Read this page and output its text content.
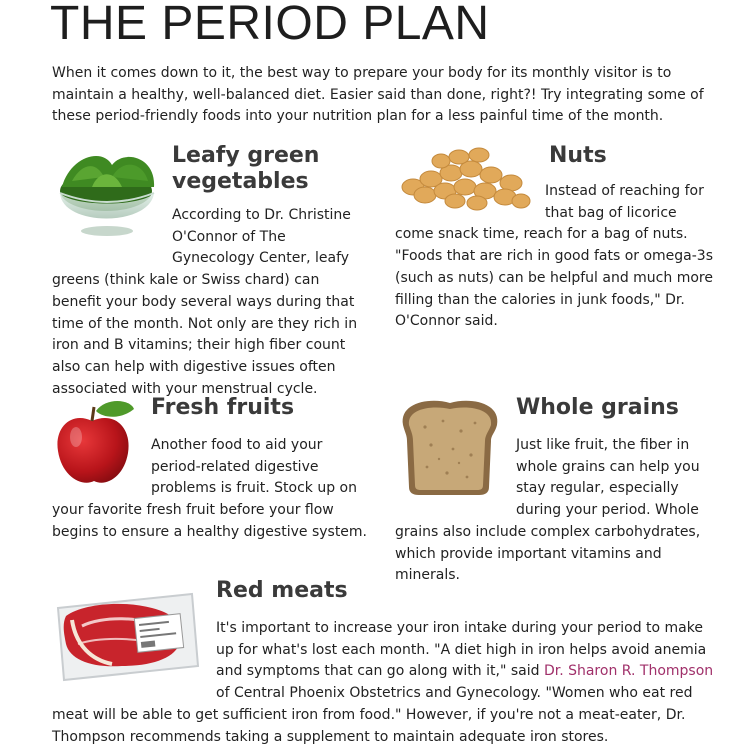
THE PERIOD PLAN

When it comes down to it, the best way to prepare your body for its monthly visitor is to maintain a healthy, well-balanced diet. Easier said than done, right?! Try integrating some of these period-friendly foods into your nutrition plan for a less painful time of the month.

Leafy green vegetables

According to Dr. Christine O'Connor of The Gynecology Center, leafy greens (think kale or Swiss chard) can benefit your body several ways during that time of the month. Not only are they rich in iron and B vitamins; their high fiber count also can help with digestive issues often associated with your menstrual cycle.

Nuts

Instead of reaching for that bag of licorice come snack time, reach for a bag of nuts. "Foods that are rich in good fats or omega-3s (such as nuts) can be helpful and much more filling than the calories in junk foods," Dr. O'Connor said.

Fresh fruits

Another food to aid your period-related digestive problems is fruit. Stock up on your favorite fresh fruit before your flow begins to ensure a healthy digestive system.

Whole grains

Just like fruit, the fiber in whole grains can help you stay regular, especially during your period. Whole grains also include complex carbohydrates, which provide important vitamins and minerals.

Red meats

It's important to increase your iron intake during your period to make up for what's lost each month. "A diet high in iron helps avoid anemia and symptoms that can go along with it," said Dr. Sharon R. Thompson of Central Phoenix Obstetrics and Gynecology. "Women who eat red meat will be able to get sufficient iron from food." However, if you're not a meat-eater, Dr. Thompson recommends taking a supplement to maintain adequate iron stores.
